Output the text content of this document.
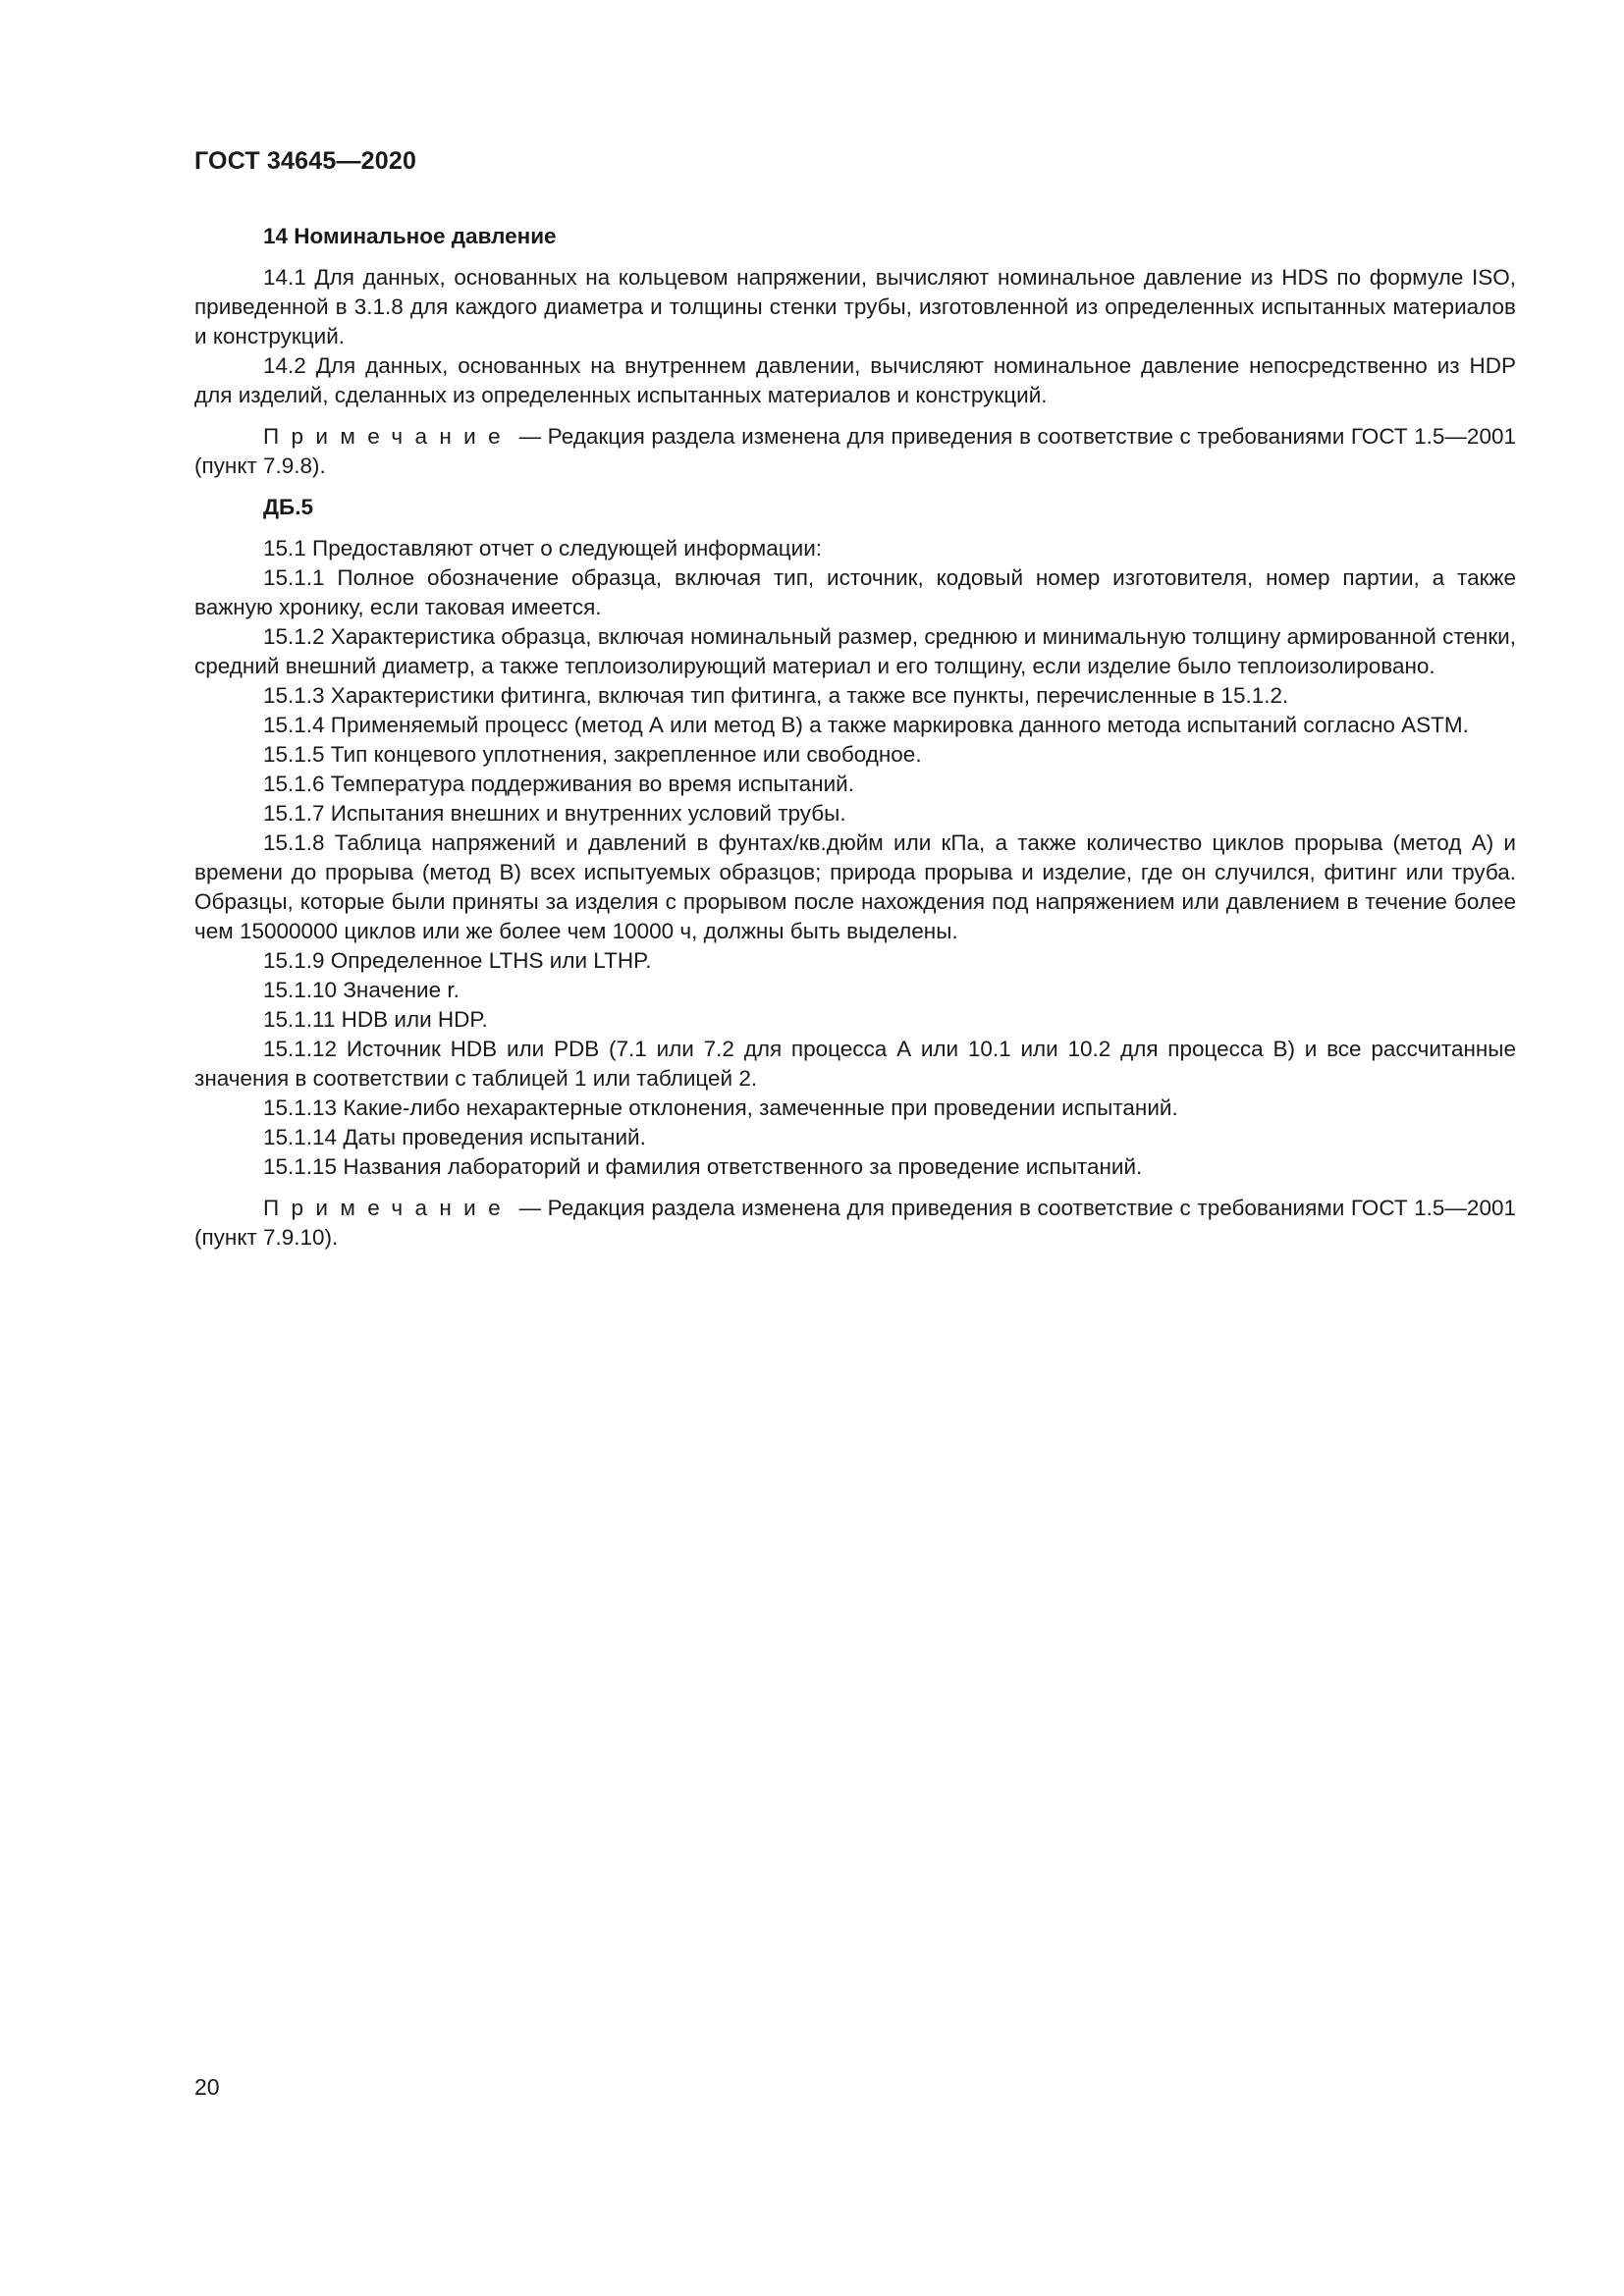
ГОСТ 34645—2020
14 Номинальное давление

14.1 Для данных, основанных на кольцевом напряжении, вычисляют номинальное давление из HDS по формуле ISO, приведенной в 3.1.8 для каждого диаметра и толщины стенки трубы, изготовленной из определенных испытанных материалов и конструкций.

14.2 Для данных, основанных на внутреннем давлении, вычисляют номинальное давление непосредственно из HDP для изделий, сделанных из определенных испытанных материалов и конструкций.

Примечание — Редакция раздела изменена для приведения в соответствие с требованиями ГОСТ 1.5—2001 (пункт 7.9.8).

ДБ.5

15.1 Предоставляют отчет о следующей информации:

15.1.1 Полное обозначение образца, включая тип, источник, кодовый номер изготовителя, номер партии, а также важную хронику, если таковая имеется.

15.1.2 Характеристика образца, включая номинальный размер, среднюю и минимальную толщину армированной стенки, средний внешний диаметр, а также теплоизолирующий материал и его толщину, если изделие было теплоизолировано.

15.1.3 Характеристики фитинга, включая тип фитинга, а также все пункты, перечисленные в 15.1.2.

15.1.4 Применяемый процесс (метод А или метод В) а также маркировка данного метода испытаний согласно ASTM.

15.1.5 Тип концевого уплотнения, закрепленное или свободное.

15.1.6 Температура поддерживания во время испытаний.

15.1.7 Испытания внешних и внутренних условий трубы.

15.1.8 Таблица напряжений и давлений в фунтах/кв.дюйм или кПа, а также количество циклов прорыва (метод А) и времени до прорыва (метод В) всех испытуемых образцов; природа прорыва и изделие, где он случился, фитинг или труба. Образцы, которые были приняты за изделия с прорывом после нахождения под напряжением или давлением в течение более чем 15000000 циклов или же более чем 10000 ч, должны быть выделены.

15.1.9 Определенное LTHS или LTHP.

15.1.10 Значение r.

15.1.11 HDB или HDP.

15.1.12 Источник HDB или PDB (7.1 или 7.2 для процесса А или 10.1 или 10.2 для процесса В) и все рассчитанные значения в соответствии с таблицей 1 или таблицей 2.

15.1.13 Какие-либо нехарактерные отклонения, замеченные при проведении испытаний.

15.1.14 Даты проведения испытаний.

15.1.15 Названия лабораторий и фамилия ответственного за проведение испытаний.

Примечание — Редакция раздела изменена для приведения в соответствие с требованиями ГОСТ 1.5—2001 (пункт 7.9.10).

20
